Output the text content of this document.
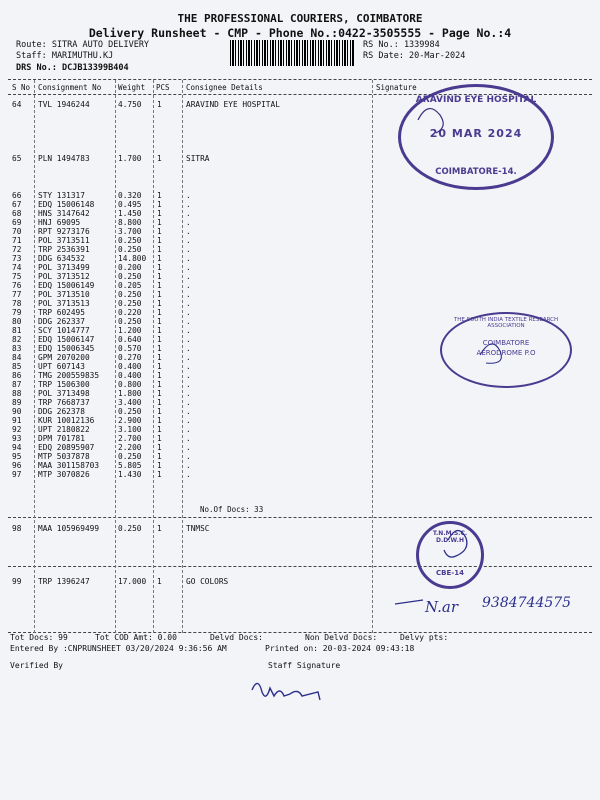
THE PROFESSIONAL COURIERS, COIMBATORE
Delivery Runsheet - CMP - Phone No.:0422-3505555 - Page No.:4
Route: SITRA AUTO DELIVERY
Staff: MARIMUTHU.KJ
DRS No.: DCJB13399B404
RS No.: 1339984
RS Date: 20-Mar-2024
S No Consignment No Weight PCS Consignee Details	Signature
64 TVL 1946244	4.750 1	ARAVIND EYE HOSPITAL
65 PLN 1494783	1.700 1	SITRA
66 STY 131317	0.320 1	.
67 EDQ 15006148	0.495 1	.
68 HNS 3147642	1.450 1	.
69 HNJ 69095	8.800 1	.
70 RPT 9273176	3.700 1	.
71 POL 3713511	0.250 1	.
72 TRP 2536391	0.250 1	.
73 DDG 634532	14.800 1	.
74 POL 3713499	0.200 1	.
75 POL 3713512	0.250 1	.
76 EDQ 15006149	0.205 1	.
77 POL 3713510	0.250 1	.
78 POL 3713513	0.250 1	.
79 TRP 602495	0.220 1	.
80 DDG 262337	0.250 1	.
81 SCY 1014777	1.200 1	.
82 EDQ 15006147	0.640 1	.
83 EDQ 15006345	0.570 1	.
84 GPM 2070200	0.270 1	.
85 UPT 607143	0.400 1	.
86 TMG 200559835 0.400 1	.
87 TRP 1506300	0.800 1	.
88 POL 3713498	1.800 1	.
89 TRP 7668737	3.400 1	.
90 DDG 262378	0.250 1	.
91 KUR 10012136	2.900 1	.
92 UPT 2180822	3.100 1	.
93 DPM 701781	2.700 1	.
94 EDQ 20895907	2.200 1	.
95 MTP 5037878	0.250 1	.
96 MAA 301158703 5.805 1	.
97 MTP 3070826	1.430 1	.
98 MAA 105969499 0.250 1	TNMSC
99 TRP 1396247	17.000 1	GO COLORS
No.Of Docs: 33
ARAVIND EYE HOSPITAL
20 MAR 2024
COIMBATORE-14.
THE SOUTH INDIA TEXTILE RESEARCH ASSOCIATION
COIMBATORE
AERODROME P.O
T.N.M.S.C. D.D.W.H
CBE-14
N.ar 9384744575
Tot Docs: 99	Tot COD Amt: 0.00	Delvd Docs:	Non Delvd Docs:	Delvy pts:
Entered By :CNPRUNSHEET 03/20/2024 9:36:56 AM	Printed on: 20-03-2024 09:43:18
Verified By	Staff Signature
